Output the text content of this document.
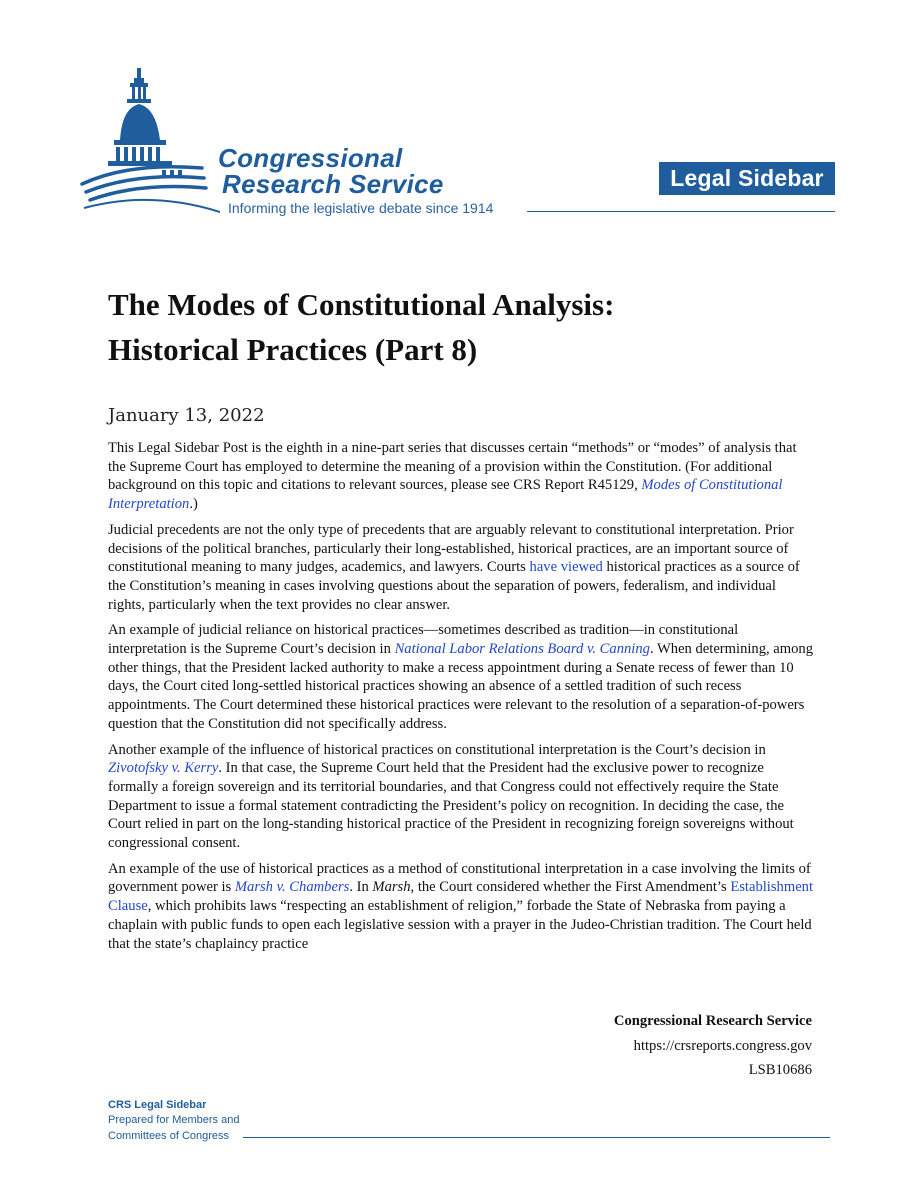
Congressional
Research Service
Informing the legislative debate since 1914
Legal Sidebar
The Modes of Constitutional Analysis:
Historical Practices (Part 8)
January 13, 2022

This Legal Sidebar Post is the eighth in a nine-part series that discusses certain “methods” or “modes” of analysis that the Supreme Court has employed to determine the meaning of a provision within the Constitution. (For additional background on this topic and citations to relevant sources, please see CRS Report R45129, Modes of Constitutional Interpretation.)

Judicial precedents are not the only type of precedents that are arguably relevant to constitutional interpretation. Prior decisions of the political branches, particularly their long-established, historical practices, are an important source of constitutional meaning to many judges, academics, and lawyers. Courts have viewed historical practices as a source of the Constitution’s meaning in cases involving questions about the separation of powers, federalism, and individual rights, particularly when the text provides no clear answer.

An example of judicial reliance on historical practices—sometimes described as tradition—in constitutional interpretation is the Supreme Court’s decision in National Labor Relations Board v. Canning. When determining, among other things, that the President lacked authority to make a recess appointment during a Senate recess of fewer than 10 days, the Court cited long-settled historical practices showing an absence of a settled tradition of such recess appointments. The Court determined these historical practices were relevant to the resolution of a separation-of-powers question that the Constitution did not specifically address.

Another example of the influence of historical practices on constitutional interpretation is the Court’s decision in Zivotofsky v. Kerry. In that case, the Supreme Court held that the President had the exclusive power to recognize formally a foreign sovereign and its territorial boundaries, and that Congress could not effectively require the State Department to issue a formal statement contradicting the President’s policy on recognition. In deciding the case, the Court relied in part on the long-standing historical practice of the President in recognizing foreign sovereigns without congressional consent.

An example of the use of historical practices as a method of constitutional interpretation in a case involving the limits of government power is Marsh v. Chambers. In Marsh, the Court considered whether the First Amendment’s Establishment Clause, which prohibits laws “respecting an establishment of religion,” forbade the State of Nebraska from paying a chaplain with public funds to open each legislative session with a prayer in the Judeo-Christian tradition. The Court held that the state’s chaplaincy practice

Congressional Research Service
https://crsreports.congress.gov
LSB10686
CRS Legal Sidebar
Prepared for Members and
Committees of Congress
